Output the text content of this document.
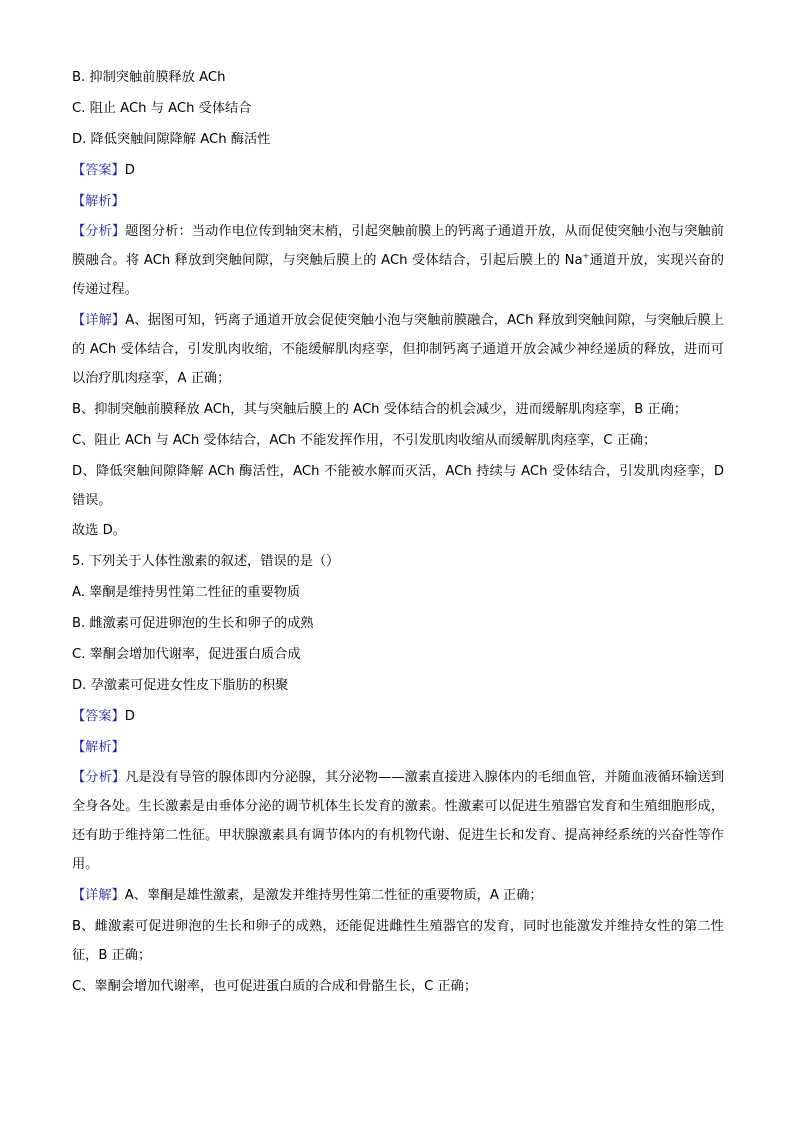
B. 抑制突触前膜释放 ACh
C. 阻止 ACh 与 ACh 受体结合
D. 降低突触间隙降解 ACh 酶活性
【答案】D
【解析】
【分析】题图分析：当动作电位传到轴突末梢，引起突触前膜上的钙离子通道开放，从而促使突触小泡与突触前膜融合。将 ACh 释放到突触间隙，与突触后膜上的 ACh 受体结合，引起后膜上的 Na+通道开放，实现兴奋的传递过程。
【详解】A、据图可知，钙离子通道开放会促使突触小泡与突触前膜融合，ACh 释放到突触间隙，与突触后膜上的 ACh 受体结合，引发肌肉收缩，不能缓解肌肉痉挛，但抑制钙离子通道开放会减少神经递质的释放，进而可以治疗肌肉痉挛，A 正确；
B、抑制突触前膜释放 ACh，其与突触后膜上的 ACh 受体结合的机会减少，进而缓解肌肉痉挛，B 正确；
C、阻止 ACh 与 ACh 受体结合，ACh 不能发挥作用，不引发肌肉收缩从而缓解肌肉痉挛，C 正确；
D、降低突触间隙降解 ACh 酶活性，ACh 不能被水解而灭活，ACh 持续与 ACh 受体结合，引发肌肉痉挛，D 错误。
故选 D。
5. 下列关于人体性激素的叙述，错误的是（）
A. 睾酮是维持男性第二性征的重要物质
B. 雌激素可促进卵泡的生长和卵子的成熟
C. 睾酮会增加代谢率，促进蛋白质合成
D. 孕激素可促进女性皮下脂肪的积聚
【答案】D
【解析】
【分析】凡是没有导管的腺体即内分泌腺，其分泌物——激素直接进入腺体内的毛细血管，并随血液循环输送到全身各处。生长激素是由垂体分泌的调节机体生长发育的激素。性激素可以促进生殖器官发育和生殖细胞形成，还有助于维持第二性征。甲状腺激素具有调节体内的有机物代谢、促进生长和发育、提高神经系统的兴奋性等作用。
【详解】A、睾酮是雄性激素，是激发并维持男性第二性征的重要物质，A 正确；
B、雌激素可促进卵泡的生长和卵子的成熟，还能促进雌性生殖器官的发育，同时也能激发并维持女性的第二性征，B 正确；
C、睾酮会增加代谢率，也可促进蛋白质的合成和骨骼生长，C 正确；
